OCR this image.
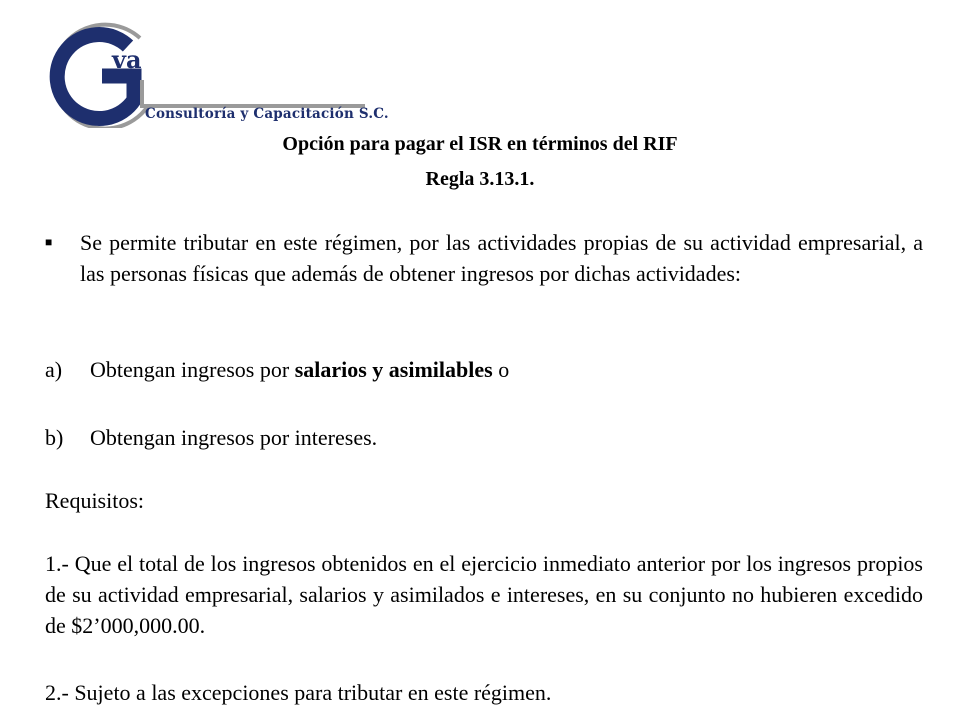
va
Consultoría y Capacitación S.C.
Opción para pagar el ISR en términos del RIF
Regla 3.13.1.
■ Se permite tributar en este régimen, por las actividades propias de su actividad empresarial, a las personas físicas que además de obtener ingresos por dichas actividades:
a) Obtengan ingresos por salarios y asimilables o
b) Obtengan ingresos por intereses.
Requisitos:
1.- Que el total de los ingresos obtenidos en el ejercicio inmediato anterior por los ingresos propios de su actividad empresarial, salarios y asimilados e intereses, en su conjunto no hubieren excedido de $2’000,000.00.
2.- Sujeto a las excepciones para tributar en este régimen.
